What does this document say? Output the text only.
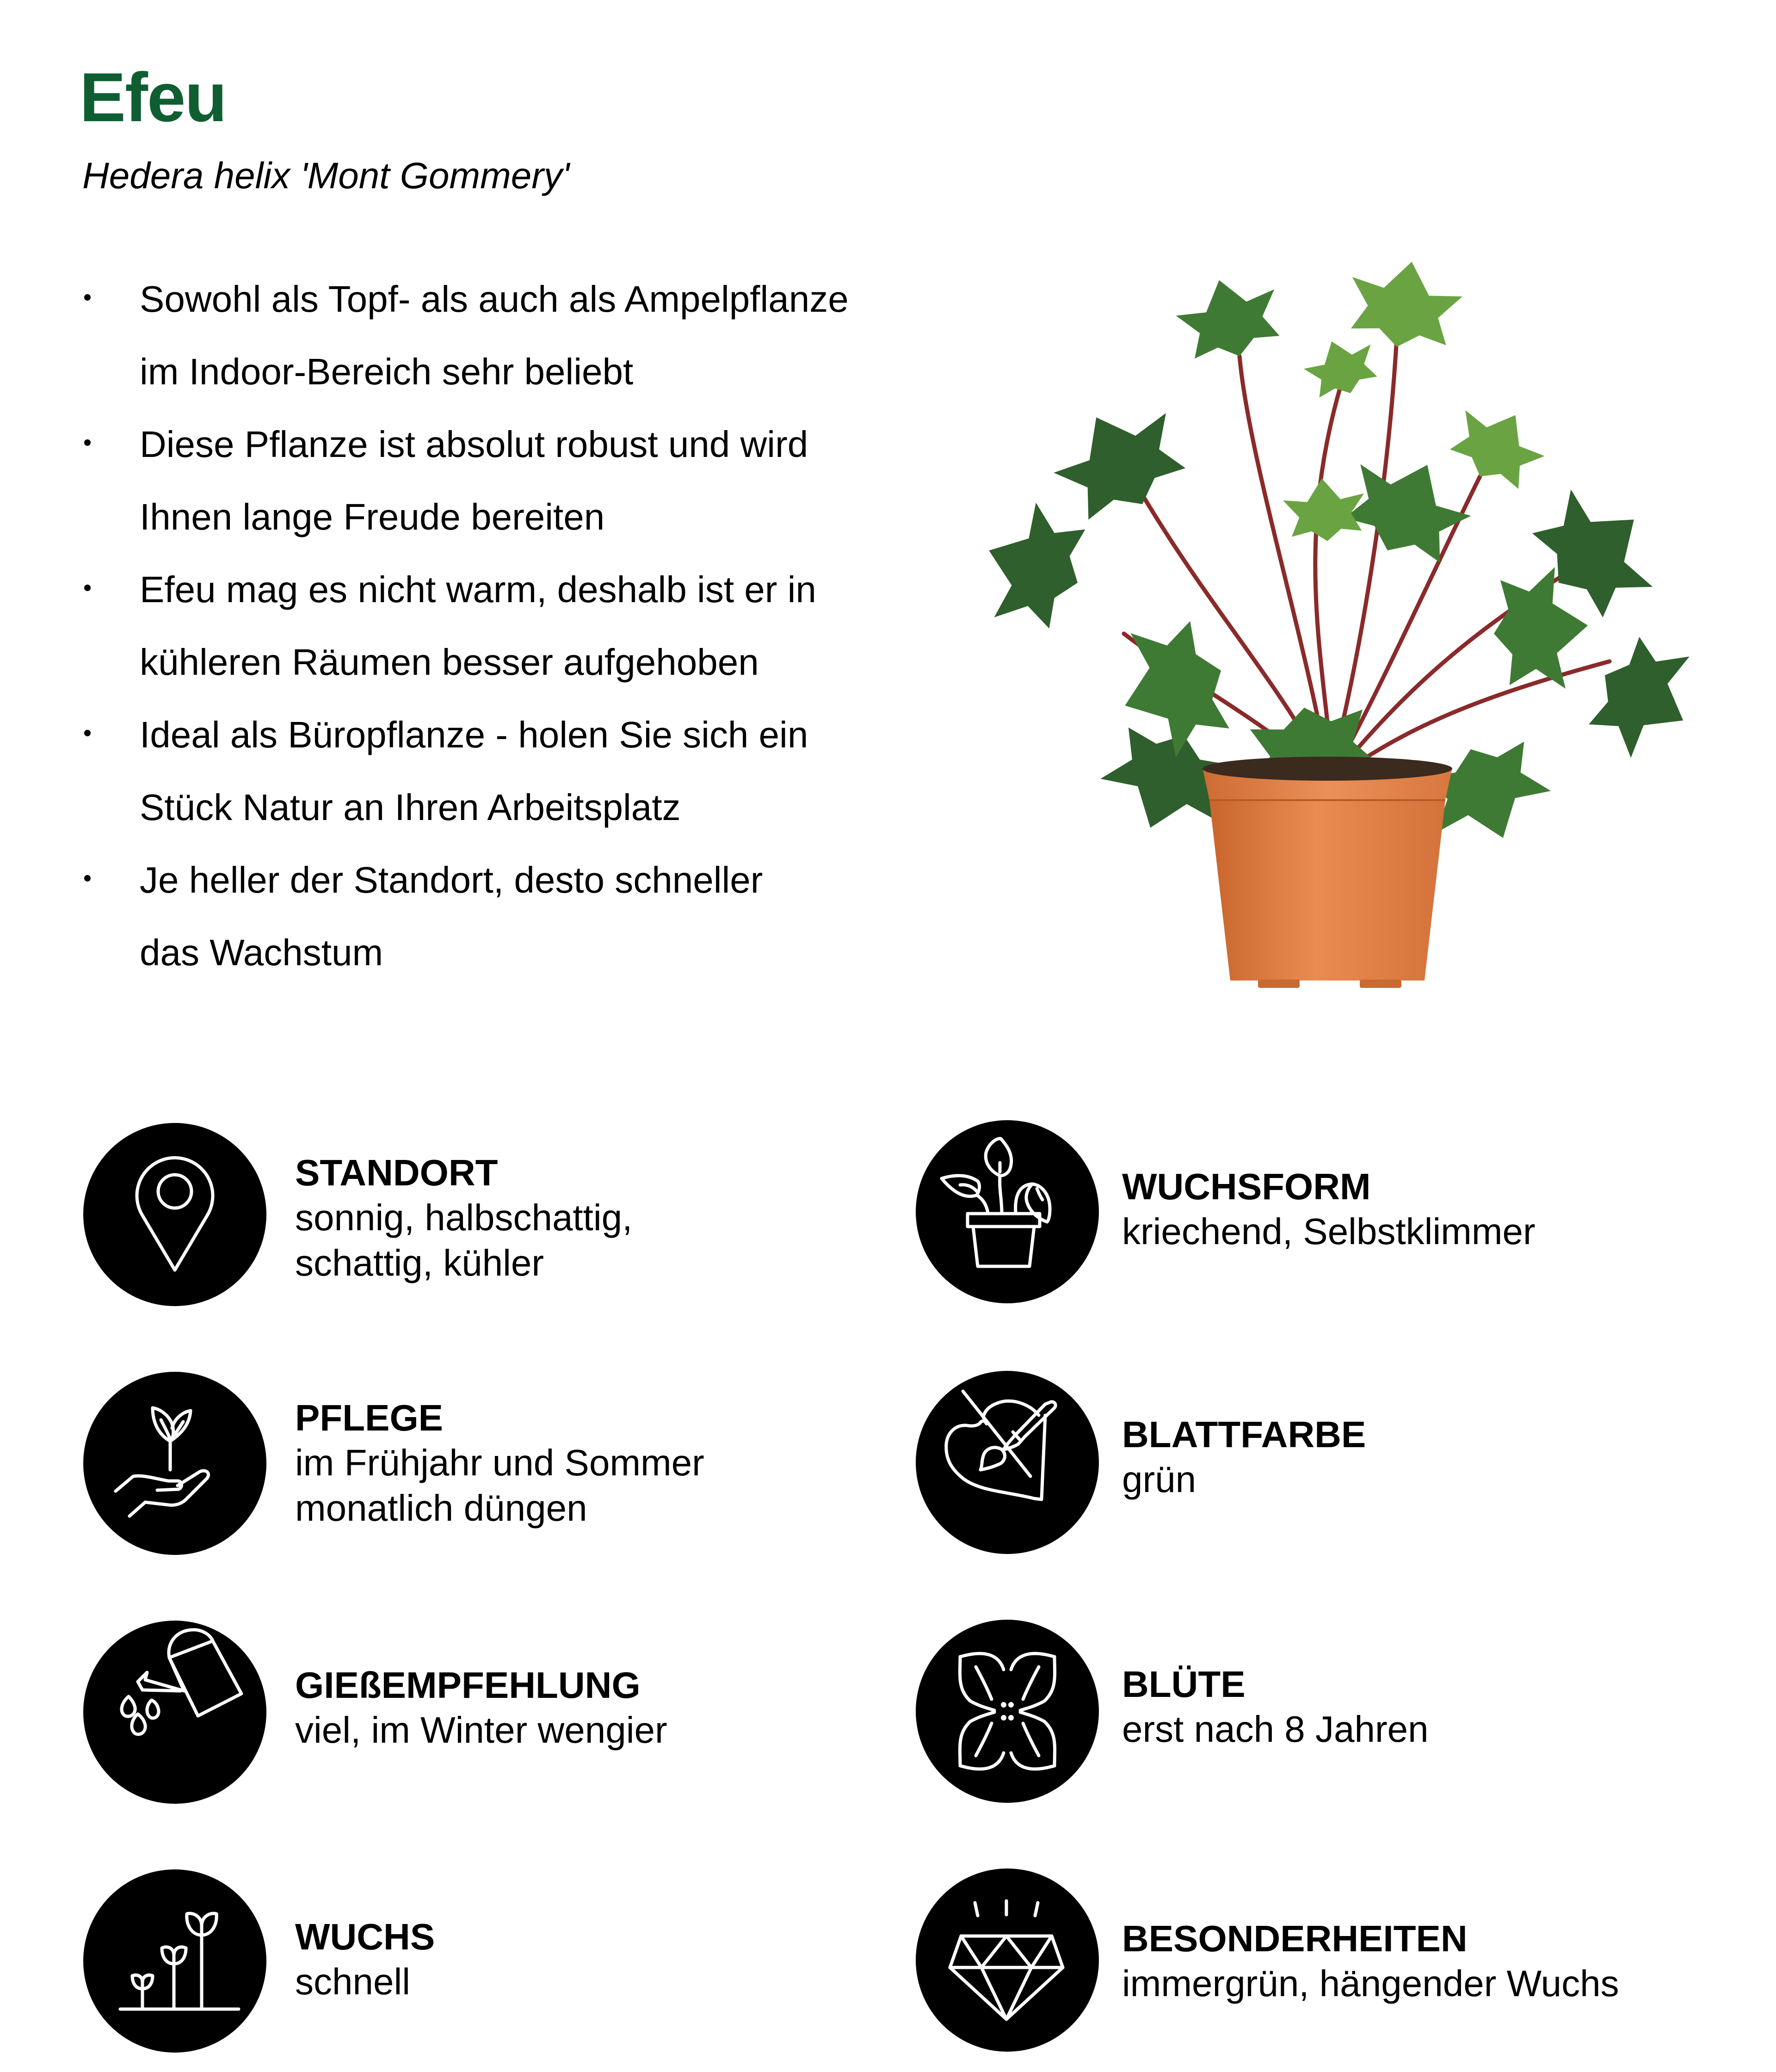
Efeu
Hedera helix 'Mont Gommery'
Sowohl als Topf- als auch als Ampelpflanze
im Indoor-Bereich sehr beliebt
Diese Pflanze ist absolut robust und wird
Ihnen lange Freude bereiten
Efeu mag es nicht warm, deshalb ist er in
kühleren Räumen besser aufgehoben
Ideal als Büropflanze - holen Sie sich ein
Stück Natur an Ihren Arbeitsplatz
Je heller der Standort, desto schneller
das Wachstum
STANDORT
sonnig, halbschattig,
schattig, kühler
WUCHSFORM
kriechend, Selbstklimmer
PFLEGE
im Frühjahr und Sommer
monatlich düngen
BLATTFARBE
grün
GIEßEMPFEHLUNG
viel, im Winter wengier
BLÜTE
erst nach 8 Jahren
WUCHS
schnell
BESONDERHEITEN
immergrün, hängender Wuchs
